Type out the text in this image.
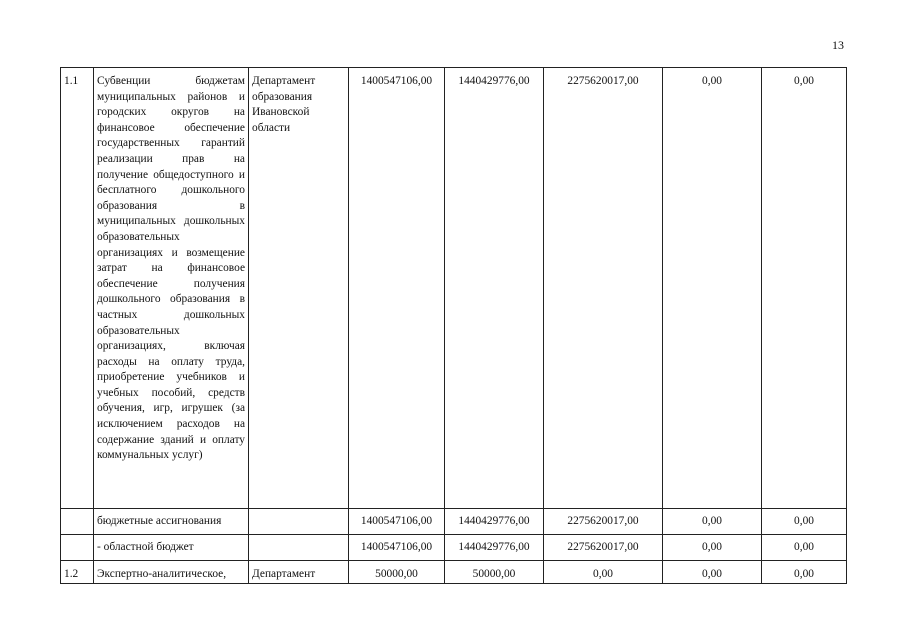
13
1.1	Субвенции бюджетам муниципальных районов и городских округов на финансовое обеспечение государственных гарантий реализации прав на получение общедоступного и бесплатного дошкольного образования в муниципальных дошкольных образовательных организациях и возмещение затрат на финансовое обеспечение получения дошкольного образования в частных дошкольных образовательных организациях, включая расходы на оплату труда, приобретение учебников и учебных пособий, средств обучения, игр, игрушек (за исключением расходов на содержание зданий и оплату коммунальных услуг)	Департамент образования Ивановской области	1400547106,00	1440429776,00	2275620017,00	0,00	0,00
	бюджетные ассигнования		1400547106,00	1440429776,00	2275620017,00	0,00	0,00
	- областной бюджет		1400547106,00	1440429776,00	2275620017,00	0,00	0,00
1.2	Экспертно-аналитическое,	Департамент	50000,00	50000,00	0,00	0,00	0,00
